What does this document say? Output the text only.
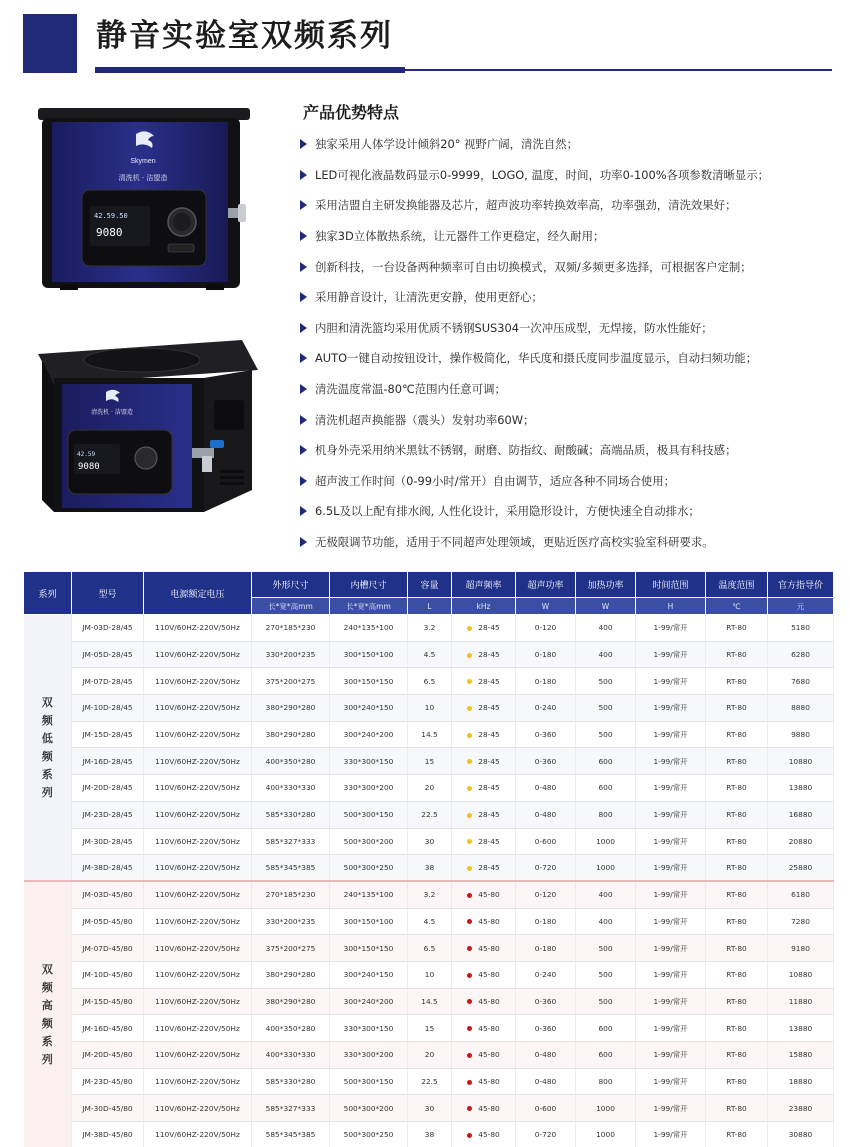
静音实验室双频系列
Skymen
清洗机 · 洁盟造
42.59.50
9080
清洗机 · 洁盟造
42.59
9080
产品优势特点
独家采用人体学设计倾斜20° 视野广阔，清洗自然；
LED可视化液晶数码显示0-9999，LOGO, 温度，时间，功率0-100%各项参数清晰显示；
采用洁盟自主研发换能器及芯片，超声波功率转换效率高，功率强劲，清洗效果好；
独家3D立体散热系统，让元器件工作更稳定，经久耐用；
创新科技，一台设备两种频率可自由切换模式，双频/多频更多选择，可根据客户定制；
采用静音设计，让清洗更安静，使用更舒心；
内胆和清洗篮均采用优质不锈钢SUS304一次冲压成型，无焊接，防水性能好；
AUTO一键自动按钮设计，操作极简化，华氏度和摄氏度同步温度显示，自动扫频功能；
清洗温度常温-80℃范围内任意可调；
清洗机超声换能器（震头）发射功率60W；
机身外壳采用纳米黑钛不锈钢，耐磨、防指纹、耐酸碱；高端品质，极具有科技感；
超声波工作时间（0-99小时/常开）自由调节，适应各种不同场合使用；
6.5L及以上配有排水阀, 人性化设计，采用隐形设计，方便快速全自动排水；
无极限调节功能，适用于不同超声处理领域，更贴近医疗高校实验室科研要求。
系列	型号	电源额定电压	外形尺寸	内槽尺寸	容量	超声频率	超声功率	加热功率	时间范围	温度范围	官方指导价
			长*宽*高mm	长*宽*高mm	L	kHz	W	W	H	℃	元
双频低频系列	JM-03D-28/45	110V/60HZ-220V/50Hz	270*185*230	240*135*100	3.2	28-45	0-120	400	1-99/常开	RT-80	5180
	JM-05D-28/45	110V/60HZ-220V/50Hz	330*200*235	300*150*100	4.5	28-45	0-180	400	1-99/常开	RT-80	6280
	JM-07D-28/45	110V/60HZ-220V/50Hz	375*200*275	300*150*150	6.5	28-45	0-180	500	1-99/常开	RT-80	7680
	JM-10D-28/45	110V/60HZ-220V/50Hz	380*290*280	300*240*150	10	28-45	0-240	500	1-99/常开	RT-80	8880
	JM-15D-28/45	110V/60HZ-220V/50Hz	380*290*280	300*240*200	14.5	28-45	0-360	500	1-99/常开	RT-80	9880
	JM-16D-28/45	110V/60HZ-220V/50Hz	400*350*280	330*300*150	15	28-45	0-360	600	1-99/常开	RT-80	10880
	JM-20D-28/45	110V/60HZ-220V/50Hz	400*330*330	330*300*200	20	28-45	0-480	600	1-99/常开	RT-80	13880
	JM-23D-28/45	110V/60HZ-220V/50Hz	585*330*280	500*300*150	22.5	28-45	0-480	800	1-99/常开	RT-80	16880
	JM-30D-28/45	110V/60HZ-220V/50Hz	585*327*333	500*300*200	30	28-45	0-600	1000	1-99/常开	RT-80	20880
	JM-38D-28/45	110V/60HZ-220V/50Hz	585*345*385	500*300*250	38	28-45	0-720	1000	1-99/常开	RT-80	25880
双频高频系列	JM-03D-45/80	110V/60HZ-220V/50Hz	270*185*230	240*135*100	3.2	45-80	0-120	400	1-99/常开	RT-80	6180
	JM-05D-45/80	110V/60HZ-220V/50Hz	330*200*235	300*150*100	4.5	45-80	0-180	400	1-99/常开	RT-80	7280
	JM-07D-45/80	110V/60HZ-220V/50Hz	375*200*275	300*150*150	6.5	45-80	0-180	500	1-99/常开	RT-80	9180
	JM-10D-45/80	110V/60HZ-220V/50Hz	380*290*280	300*240*150	10	45-80	0-240	500	1-99/常开	RT-80	10880
	JM-15D-45/80	110V/60HZ-220V/50Hz	380*290*280	300*240*200	14.5	45-80	0-360	500	1-99/常开	RT-80	11880
	JM-16D-45/80	110V/60HZ-220V/50Hz	400*350*280	330*300*150	15	45-80	0-360	600	1-99/常开	RT-80	13880
	JM-20D-45/80	110V/60HZ-220V/50Hz	400*330*330	330*300*200	20	45-80	0-480	600	1-99/常开	RT-80	15880
	JM-23D-45/80	110V/60HZ-220V/50Hz	585*330*280	500*300*150	22.5	45-80	0-480	800	1-99/常开	RT-80	18880
	JM-30D-45/80	110V/60HZ-220V/50Hz	585*327*333	500*300*200	30	45-80	0-600	1000	1-99/常开	RT-80	23880
	JM-38D-45/80	110V/60HZ-220V/50Hz	585*345*385	500*300*250	38	45-80	0-720	1000	1-99/常开	RT-80	30880
